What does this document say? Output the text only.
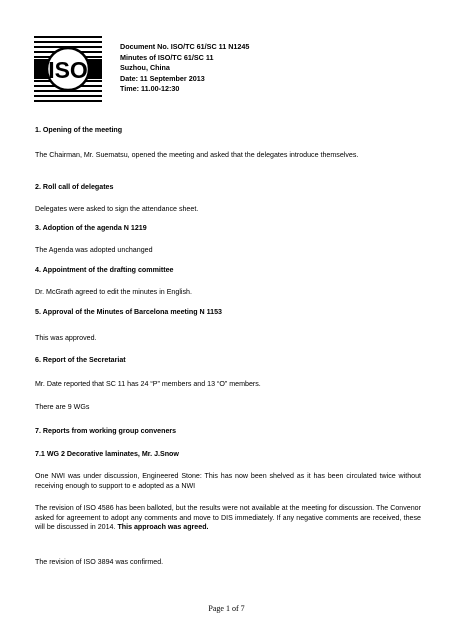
ISO
Document No. ISO/TC 61/SC 11 N1245
Minutes of ISO/TC 61/SC 11
Suzhou, China
Date: 11 September 2013
Time: 11.00-12:30
1. Opening of the meeting
The Chairman, Mr. Suematsu, opened the meeting and asked that the delegates introduce themselves.
2. Roll call of delegates
Delegates were asked to sign the attendance sheet.
3. Adoption of the agenda N 1219
The Agenda was adopted unchanged
4. Appointment of the drafting committee
Dr. McGrath agreed to edit the minutes in English.
5. Approval of the Minutes of Barcelona meeting N 1153
This was approved.
6. Report of the Secretariat
Mr. Date reported that SC 11 has 24 “P” members and 13 “O” members.
There are 9 WGs
7. Reports from working group conveners
7.1 WG 2 Decorative laminates, Mr. J.Snow
One NWI was under discussion, Engineered Stone: This has now been shelved as it has been circulated twice without receiving enough to support to e adopted as a NWI
The revision of ISO 4586 has been balloted, but the results were not available at the meeting for discussion. The Convenor asked for agreement to adopt any comments and move to DIS immediately. If any negative comments are received, these will be discussed in 2014. This approach was agreed.
The revision of ISO 3894 was confirmed.
Page 1 of 7
